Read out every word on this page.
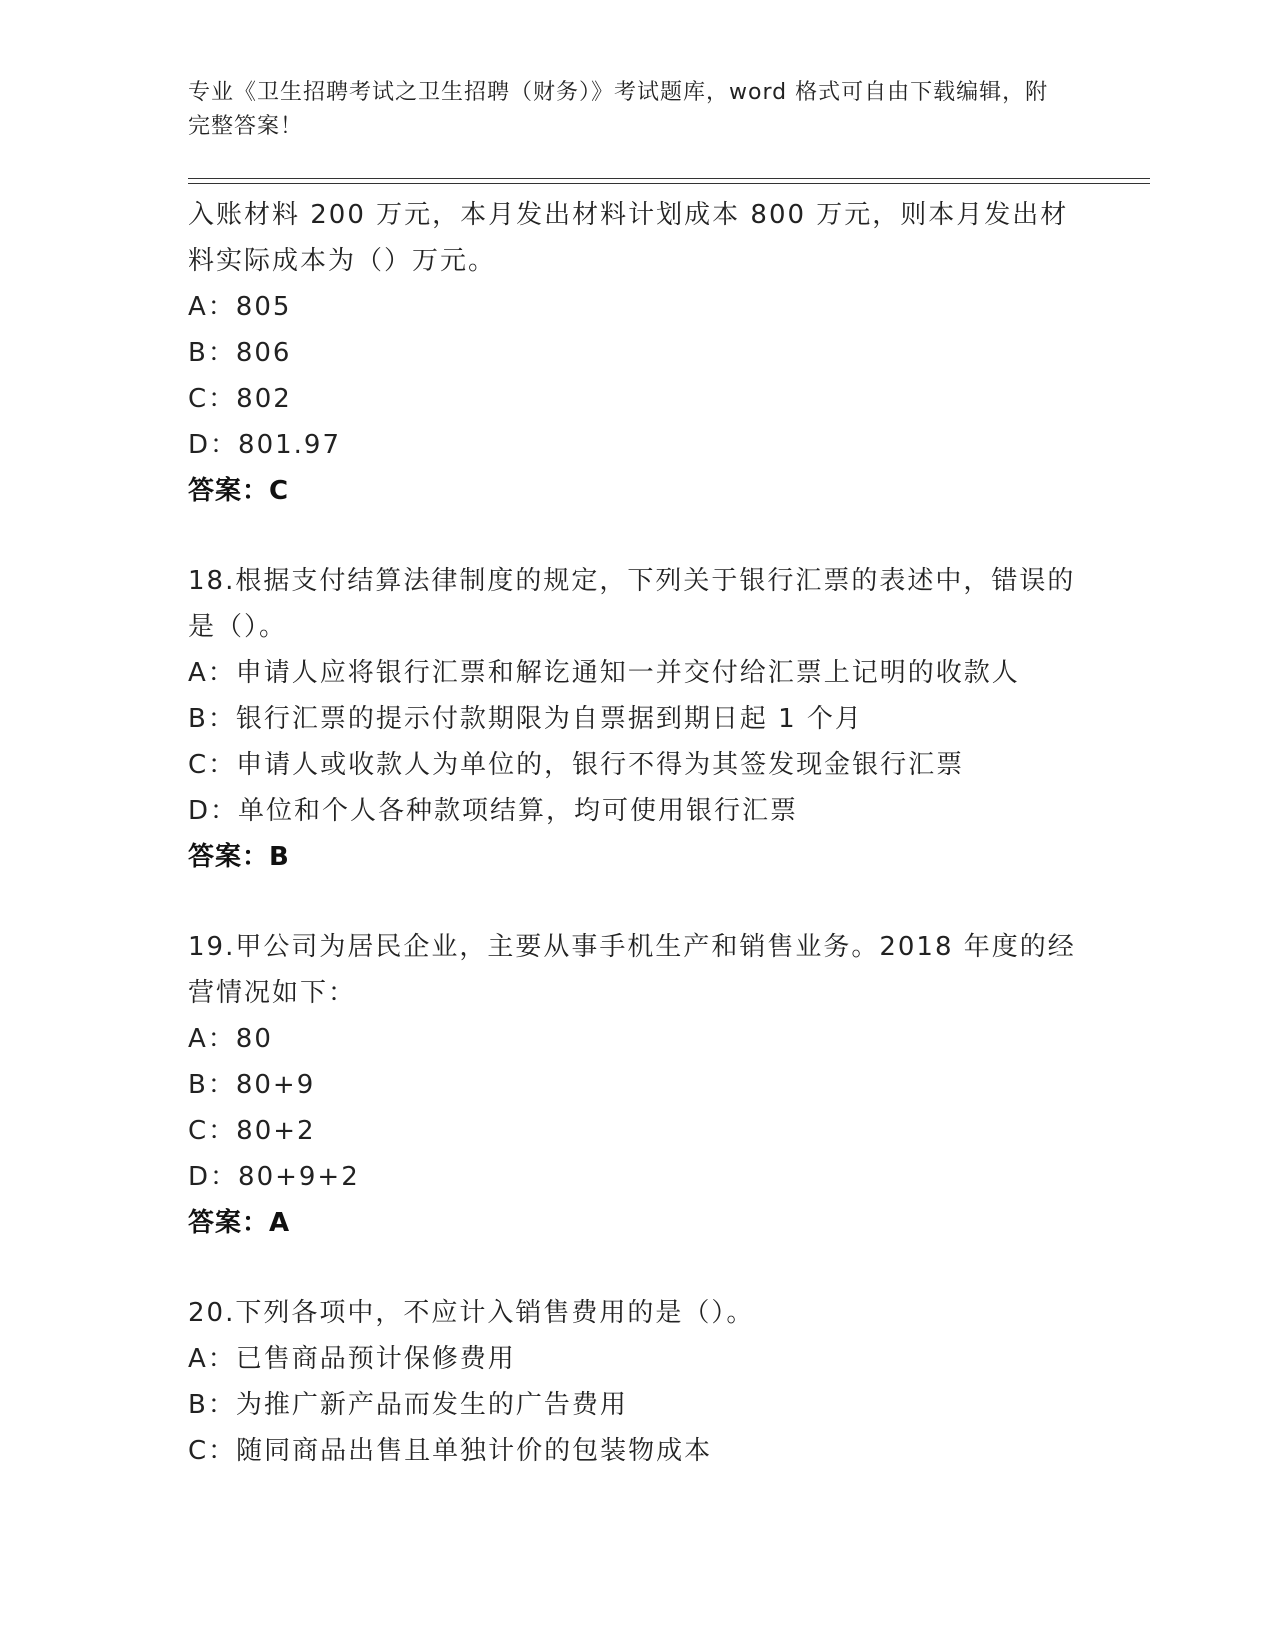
专业《卫生招聘考试之卫生招聘（财务）》考试题库，word 格式可自由下载编辑，附完整答案！
入账材料 200 万元，本月发出材料计划成本 800 万元，则本月发出材料实际成本为（）万元。
A：805
B：806
C：802
D：801.97
答案：C
18.根据支付结算法律制度的规定，下列关于银行汇票的表述中，错误的是（）。
A：申请人应将银行汇票和解讫通知一并交付给汇票上记明的收款人
B：银行汇票的提示付款期限为自票据到期日起 1 个月
C：申请人或收款人为单位的，银行不得为其签发现金银行汇票
D：单位和个人各种款项结算，均可使用银行汇票
答案：B
19.甲公司为居民企业，主要从事手机生产和销售业务。2018 年度的经营情况如下：
A：80
B：80+9
C：80+2
D：80+9+2
答案：A
20.下列各项中，不应计入销售费用的是（）。
A：已售商品预计保修费用
B：为推广新产品而发生的广告费用
C：随同商品出售且单独计价的包装物成本
